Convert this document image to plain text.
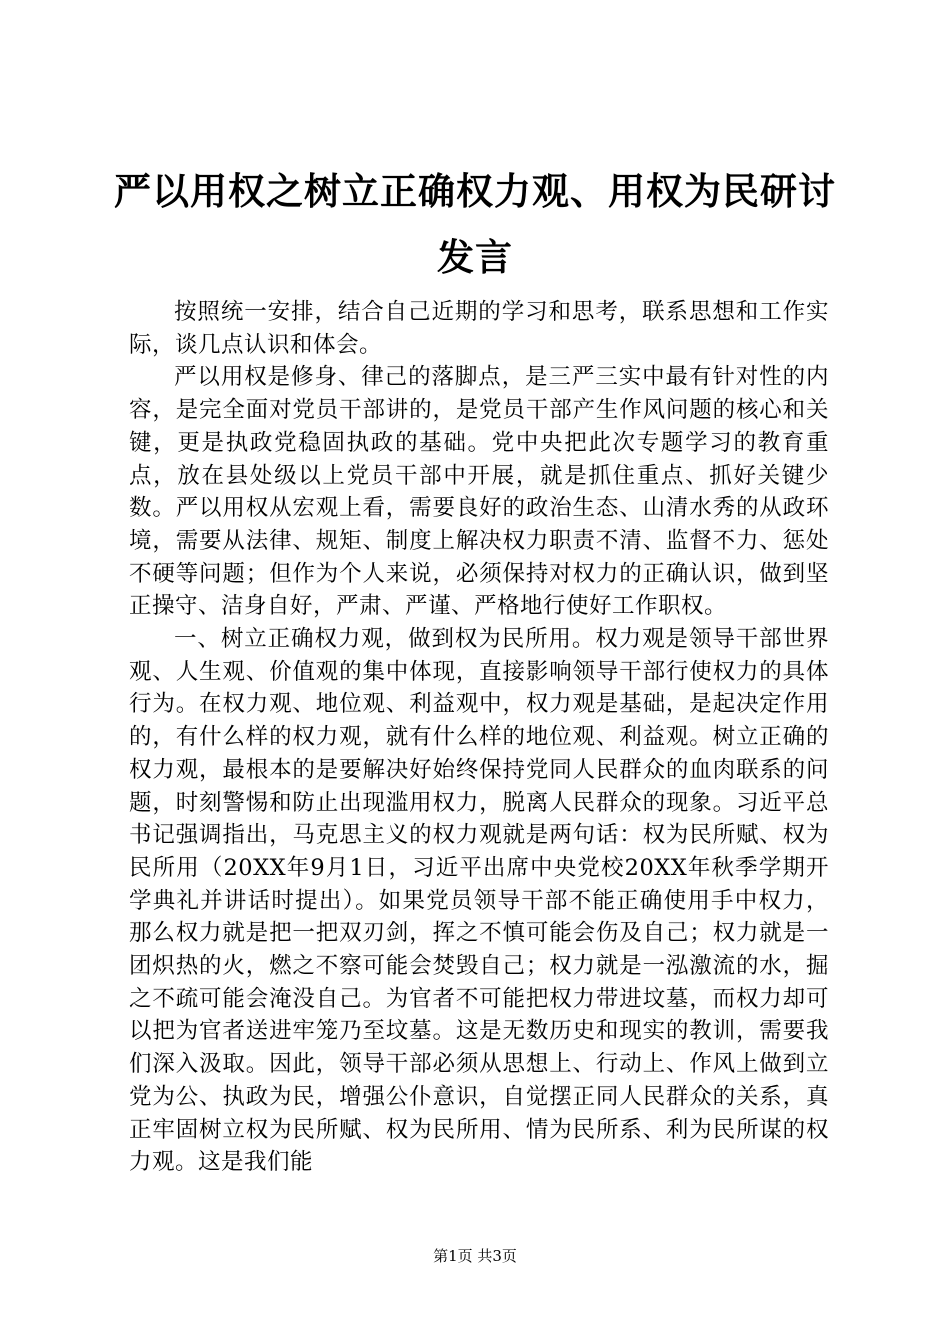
严以用权之树立正确权力观、用权为民研讨发言

按照统一安排，结合自己近期的学习和思考，联系思想和工作实际，谈几点认识和体会。

严以用权是修身、律己的落脚点，是三严三实中最有针对性的内容，是完全面对党员干部讲的，是党员干部产生作风问题的核心和关键，更是执政党稳固执政的基础。党中央把此次专题学习的教育重点，放在县处级以上党员干部中开展，就是抓住重点、抓好关键少数。严以用权从宏观上看，需要良好的政治生态、山清水秀的从政环境，需要从法律、规矩、制度上解决权力职责不清、监督不力、惩处不硬等问题；但作为个人来说，必须保持对权力的正确认识，做到坚正操守、洁身自好，严肃、严谨、严格地行使好工作职权。

一、树立正确权力观，做到权为民所用。权力观是领导干部世界观、人生观、价值观的集中体现，直接影响领导干部行使权力的具体行为。在权力观、地位观、利益观中，权力观是基础，是起决定作用的，有什么样的权力观，就有什么样的地位观、利益观。树立正确的权力观，最根本的是要解决好始终保持党同人民群众的血肉联系的问题，时刻警惕和防止出现滥用权力，脱离人民群众的现象。习近平总书记强调指出，马克思主义的权力观就是两句话：权为民所赋、权为民所用（20XX年9月1日，习近平出席中央党校20XX年秋季学期开学典礼并讲话时提出）。如果党员领导干部不能正确使用手中权力，那么权力就是把一把双刃剑，挥之不慎可能会伤及自己；权力就是一团炽热的火，燃之不察可能会焚毁自己；权力就是一泓激流的水，掘之不疏可能会淹没自己。为官者不可能把权力带进坟墓，而权力却可以把为官者送进牢笼乃至坟墓。这是无数历史和现实的教训，需要我们深入汲取。因此，领导干部必须从思想上、行动上、作风上做到立党为公、执政为民，增强公仆意识，自觉摆正同人民群众的关系，真正牢固树立权为民所赋、权为民所用、情为民所系、利为民所谋的权力观。这是我们能

第1页 共3页
